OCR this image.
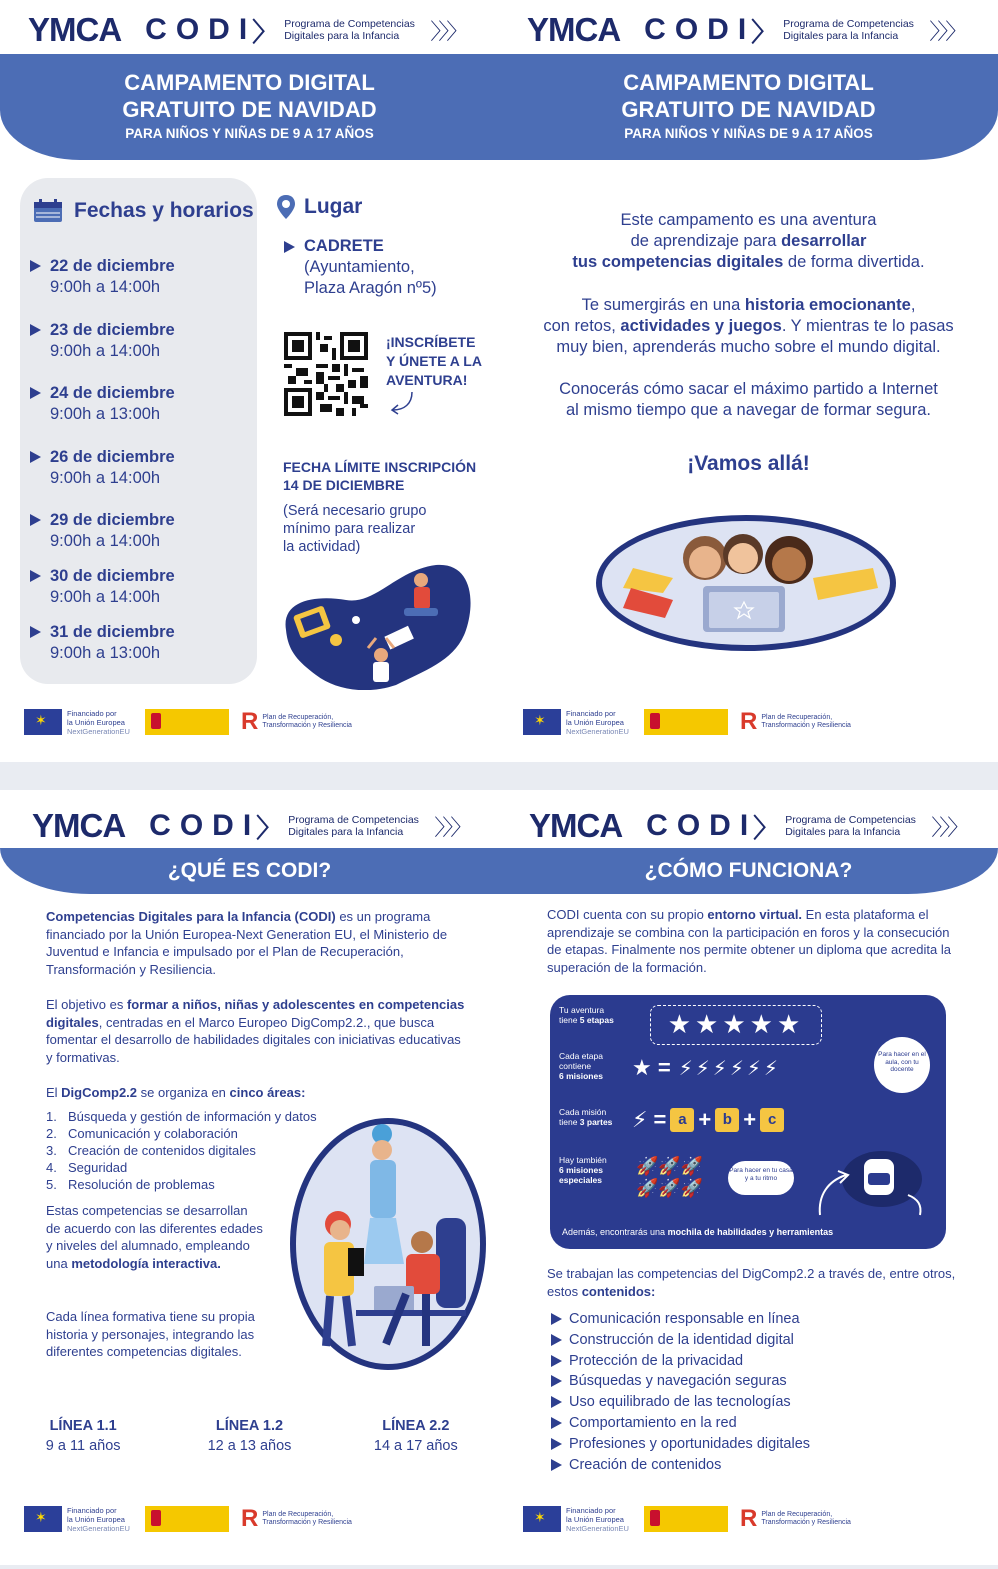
YMCA CODI
〉 Programa de Competencias Digitales para la Infancia	〉〉〉
CAMPAMENTO DIGITAL
GRATUITO DE NAVIDAD
PARA NIÑOS Y NIÑAS DE 9 A 17 AÑOS
Fechas y horarios
22 de diciembre
9:00h a 14:00h
23 de diciembre
9:00h a 14:00h
24 de diciembre
9:00h a 13:00h
26 de diciembre
9:00h a 14:00h
29 de diciembre
9:00h a 14:00h
30 de diciembre
9:00h a 14:00h
31 de diciembre
9:00h a 13:00h
Lugar
CADRETE
(Ayuntamiento,
Plaza Aragón nº5)
¡INSCRÍBETE
Y ÚNETE A LA
AVENTURA!
FECHA LÍMITE INSCRIPCIÓN
14 DE DICIEMBRE
(Será necesario grupo
mínimo para realizar
la actividad)
✶	Financiado por
la Unión Europea
NextGenerationEU	R Plan de Recuperación,
Transformación y Resiliencia
YMCA CODI
〉 Programa de Competencias Digitales para la Infancia	〉〉〉
CAMPAMENTO DIGITAL
GRATUITO DE NAVIDAD
PARA NIÑOS Y NIÑAS DE 9 A 17 AÑOS
Este campamento es una aventura
de aprendizaje para desarrollar
tus competencias digitales de forma divertida.
Te sumergirás en una historia emocionante,
con retos, actividades y juegos. Y mientras te lo pasas
muy bien, aprenderás mucho sobre el mundo digital.
Conocerás cómo sacar el máximo partido a Internet
al mismo tiempo que a navegar de formar segura.
¡Vamos allá!
✶	Financiado por
la Unión Europea
NextGenerationEU	R Plan de Recuperación,
Transformación y Resiliencia
YMCA CODI
〉 Programa de Competencias Digitales para la Infancia	〉〉〉
¿QUÉ ES CODI?
Competencias Digitales para la Infancia (CODI) es un programa financiado por la Unión Europea-Next Generation EU, el Ministerio de Juventud e Infancia e impulsado por el Plan de Recuperación, Transformación y Resiliencia.
El objetivo es formar a niños, niñas y adolescentes en competencias digitales, centradas en el Marco Europeo DigComp2.2., que busca fomentar el desarrollo de habilidades digitales con iniciativas educativas y formativas.
El DigComp2.2 se organiza en cinco áreas:
1. Búsqueda y gestión de información y datos
2. Comunicación y colaboración
3. Creación de contenidos digitales
4. Seguridad
5. Resolución de problemas
Estas competencias se desarrollan de acuerdo con las diferentes edades y niveles del alumnado, empleando una metodología interactiva.
Cada línea formativa tiene su propia historia y personajes, integrando las diferentes competencias digitales.
LÍNEA 1.1
9 a 11 años
LÍNEA 1.2
12 a 13 años
LÍNEA 2.2
14 a 17 años
✶	Financiado por
la Unión Europea
NextGenerationEU	R Plan de Recuperación,
Transformación y Resiliencia
YMCA CODI
〉 Programa de Competencias Digitales para la Infancia	〉〉〉
¿CÓMO FUNCIONA?
CODI cuenta con su propio entorno virtual. En esta plataforma el aprendizaje se combina con la participación en foros y la consecución de etapas. Finalmente nos permite obtener un diploma que acredita la superación de la formación.
Tu aventura
tiene 5 etapas	★★★★★
Cada etapa
contiene
6 misiones ★ = ⚡⚡⚡⚡⚡⚡
Para hacer en el aula, con tu docente
Cada misión
tiene 3 partes ⚡ = a + b + c
Hay también
6 misiones especiales
🚀🚀🚀
🚀🚀🚀
Para hacer en tu casa y a tu ritmo
Además, encontrarás una mochila de habilidades y herramientas
Se trabajan las competencias del DigComp2.2 a través de, entre otros, estos contenidos:
Comunicación responsable en línea
Construcción de la identidad digital
Protección de la privacidad
Búsquedas y navegación seguras
Uso equilibrado de las tecnologías
Comportamiento en la red
Profesiones y oportunidades digitales
Creación de contenidos
✶	Financiado por
la Unión Europea
NextGenerationEU	R Plan de Recuperación,
Transformación y Resiliencia
